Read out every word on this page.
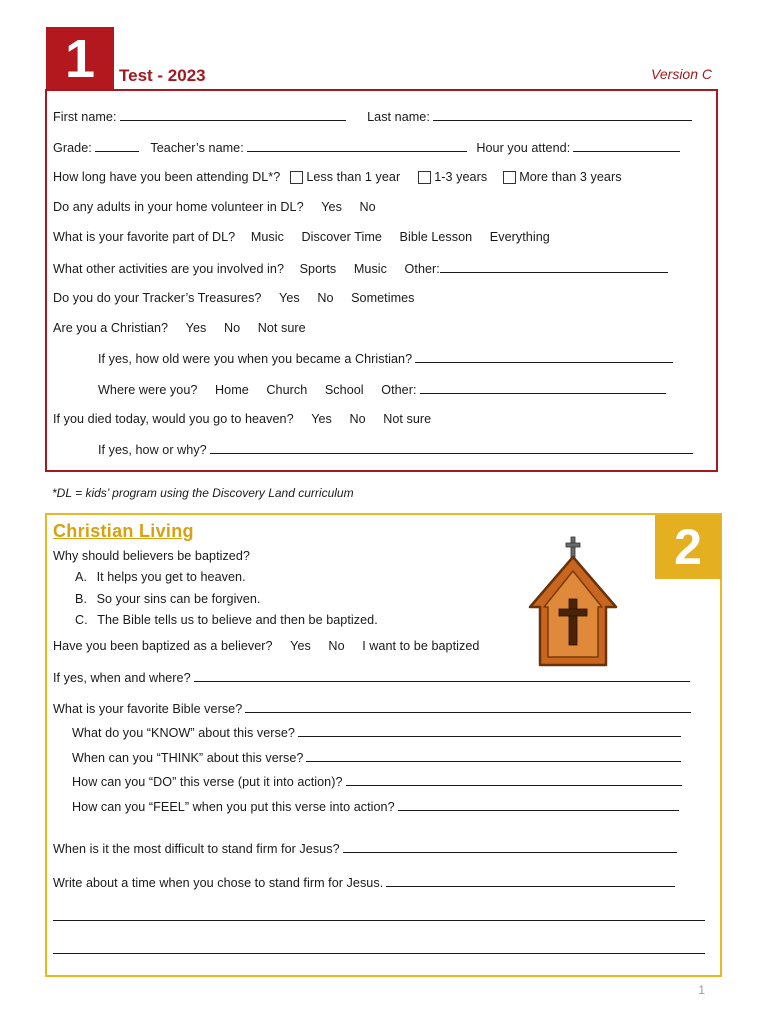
1 Test - 2023	Version C
First name:	Last name:
Grade:	Teacher’s name:	Hour you attend:
How long have you been attending DL*? Less than 1 year	1-3 years	More than 3 years
Do any adults in your home volunteer in DL? Yes No
What is your favorite part of DL? Music Discover Time Bible Lesson Everything
What other activities are you involved in? Sports Music Other:
Do you do your Tracker’s Treasures? Yes No Sometimes
Are you a Christian? Yes No Not sure
If yes, how old were you when you became a Christian?
Where were you? Home Church School Other:
If you died today, would you go to heaven? Yes No Not sure
If yes, how or why?
*DL = kids’ program using the Discovery Land curriculum
2
Christian Living
Why should believers be baptized?
A. It helps you get to heaven.
B. So your sins can be forgiven.
C. The Bible tells us to believe and then be baptized.
Have you been baptized as a believer? Yes No I want to be baptized
If yes, when and where?
What is your favorite Bible verse?
What do you “KNOW” about this verse?
When can you “THINK” about this verse?
How can you “DO” this verse (put it into action)?
How can you “FEEL” when you put this verse into action?
When is it the most difficult to stand firm for Jesus?
Write about a time when you chose to stand firm for Jesus.
1
